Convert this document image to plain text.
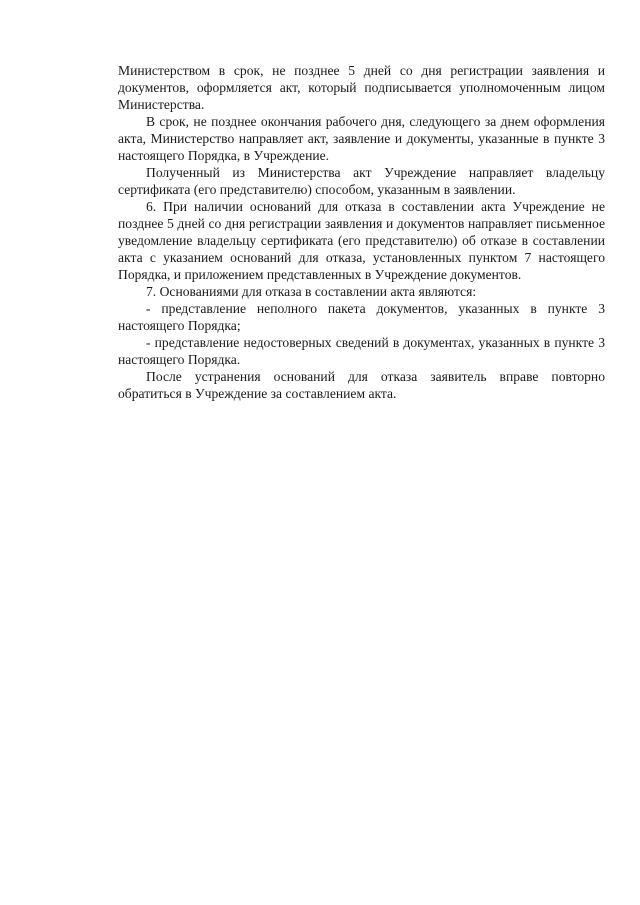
Министерством в срок, не позднее 5 дней со дня регистрации заявления и документов, оформляется акт, который подписывается уполномоченным лицом Министерства.

В срок, не позднее окончания рабочего дня, следующего за днем оформления акта, Министерство направляет акт, заявление и документы, указанные в пункте 3 настоящего Порядка, в Учреждение.

Полученный из Министерства акт Учреждение направляет владельцу сертификата (его представителю) способом, указанным в заявлении.

6. При наличии оснований для отказа в составлении акта Учреждение не позднее 5 дней со дня регистрации заявления и документов направляет письменное уведомление владельцу сертификата (его представителю) об отказе в составлении акта с указанием оснований для отказа, установленных пунктом 7 настоящего Порядка, и приложением представленных в Учреждение документов.

7. Основаниями для отказа в составлении акта являются:

- представление неполного пакета документов, указанных в пункте 3 настоящего Порядка;

- представление недостоверных сведений в документах, указанных в пункте 3 настоящего Порядка.

После устранения оснований для отказа заявитель вправе повторно обратиться в Учреждение за составлением акта.
